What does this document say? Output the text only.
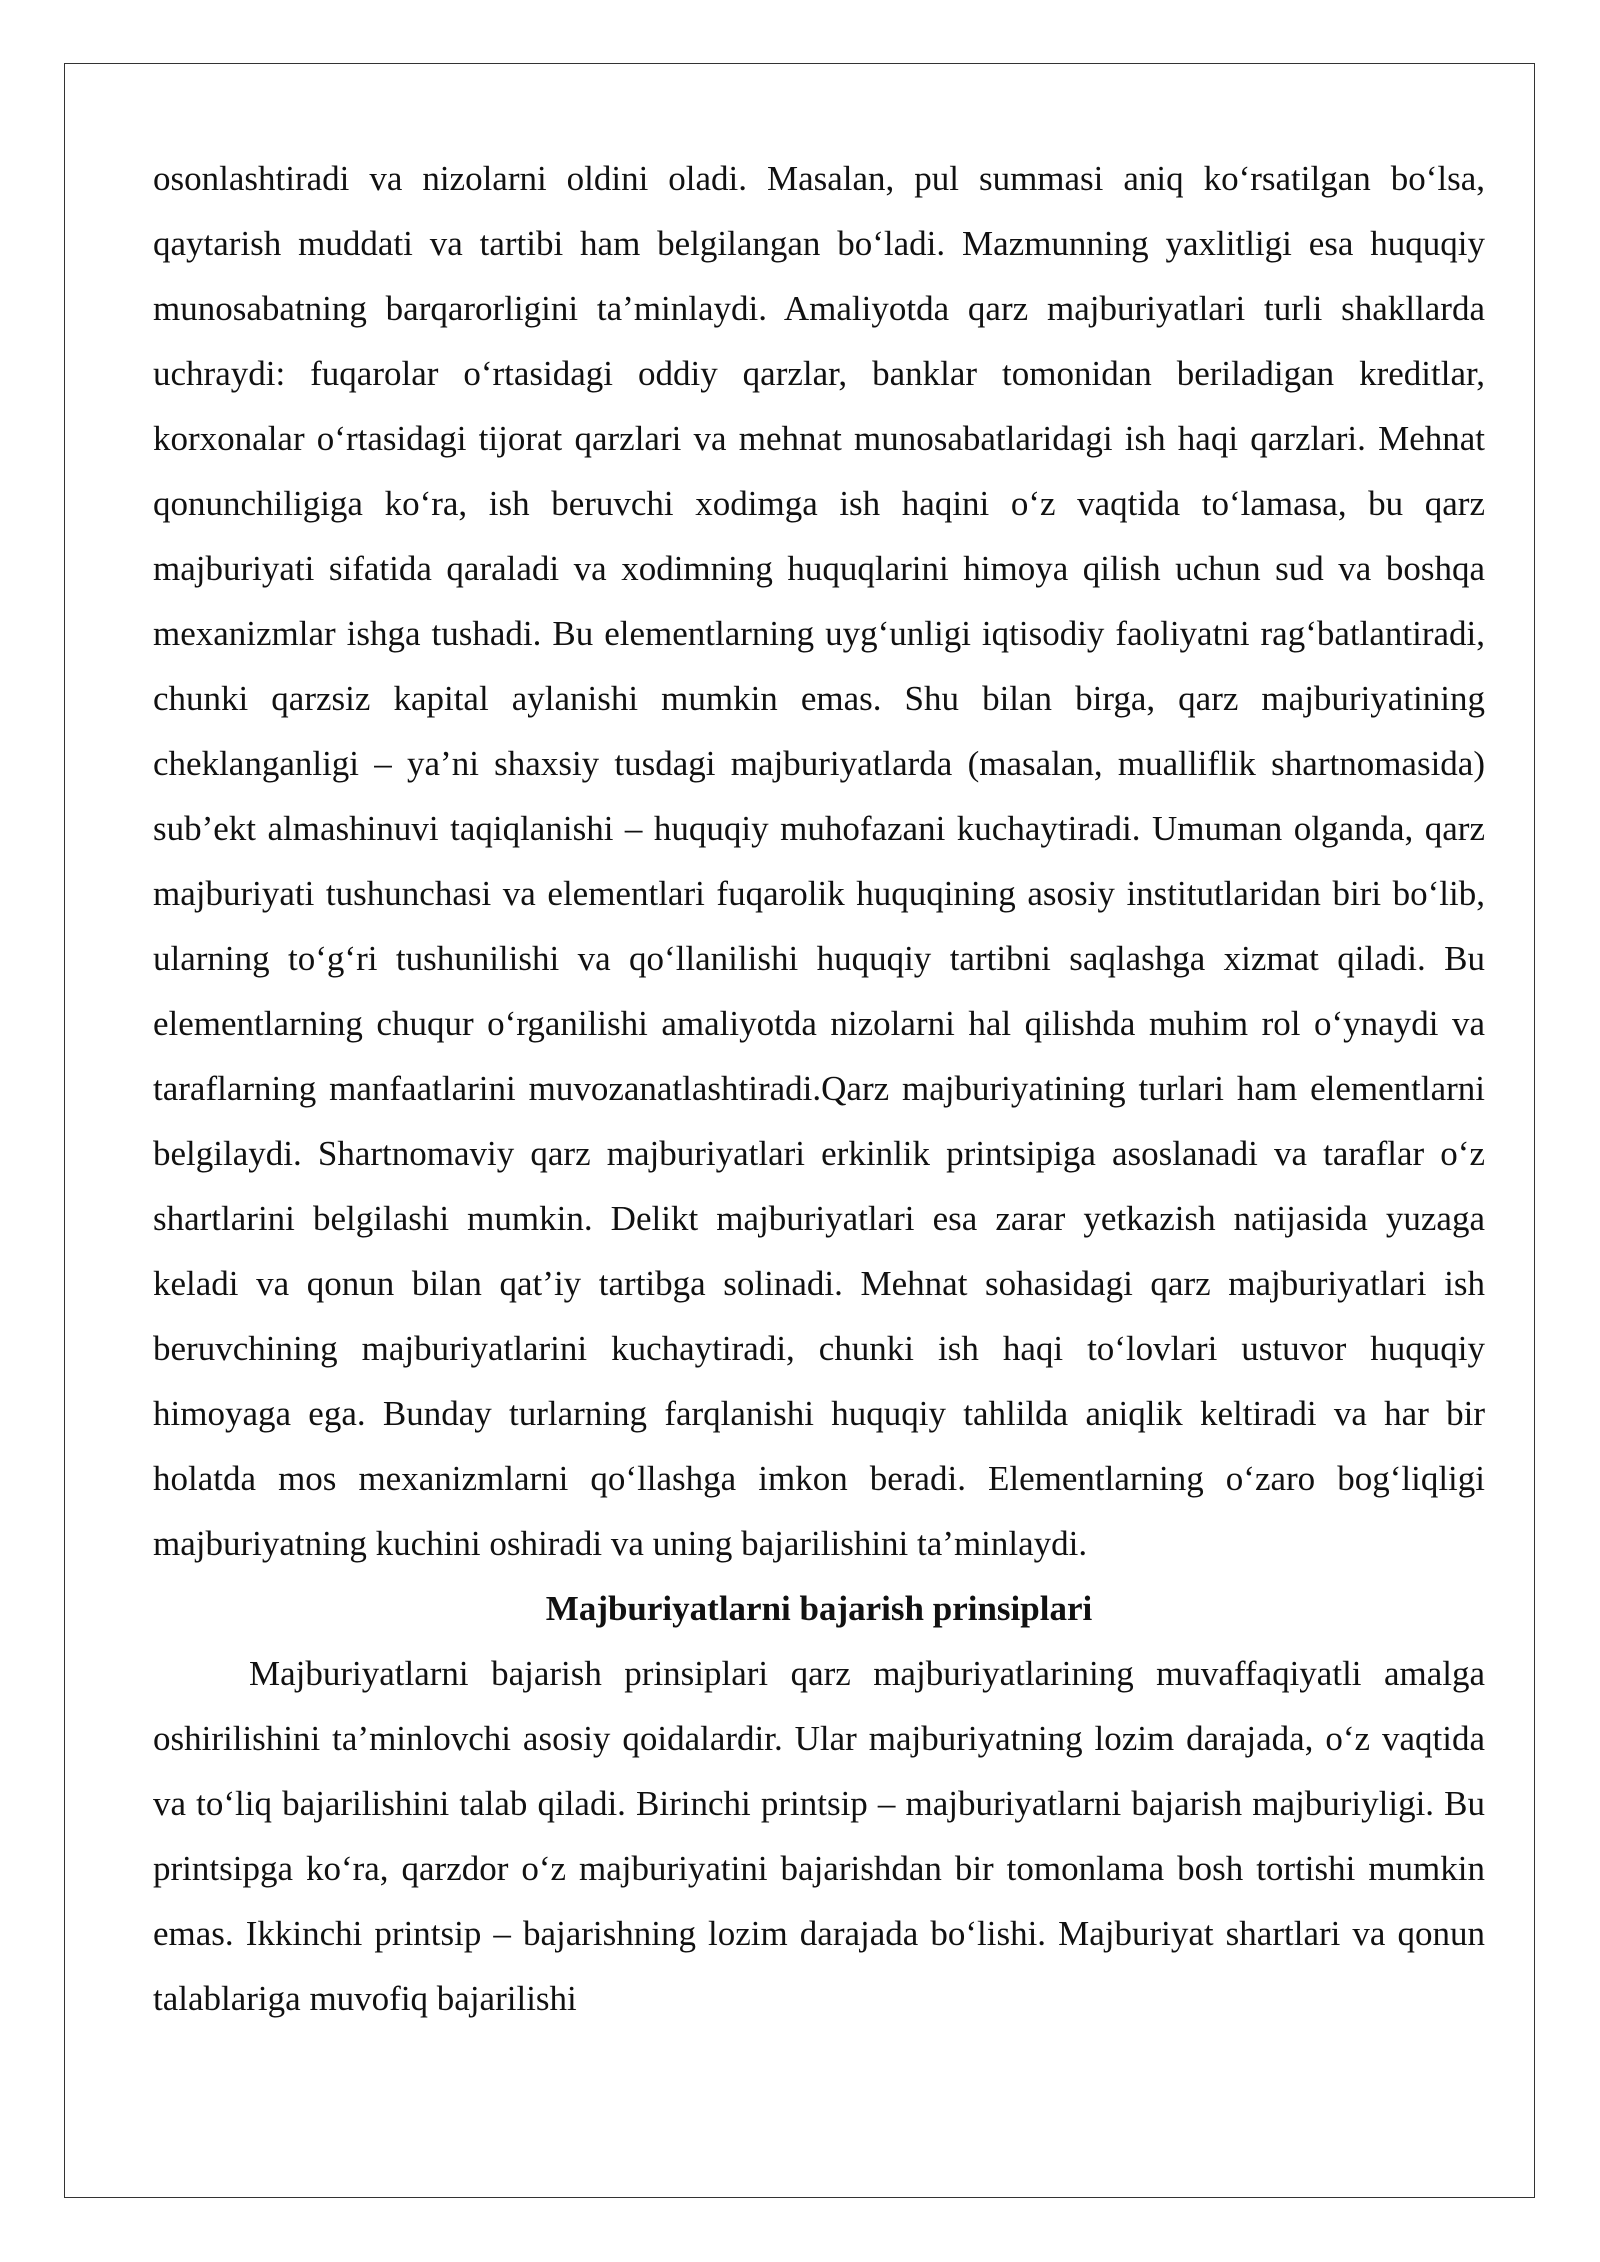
osonlashtiradi va nizolarni oldini oladi. Masalan, pul summasi aniq ko‘rsatilgan bo‘lsa, qaytarish muddati va tartibi ham belgilangan bo‘ladi. Mazmunning yaxlitligi esa huquqiy munosabatning barqarorligini ta’minlaydi. Amaliyotda qarz majburiyatlari turli shakllarda uchraydi: fuqarolar o‘rtasidagi oddiy qarzlar, banklar tomonidan beriladigan kreditlar, korxonalar o‘rtasidagi tijorat qarzlari va mehnat munosabatlaridagi ish haqi qarzlari. Mehnat qonunchiligiga ko‘ra, ish beruvchi xodimga ish haqini o‘z vaqtida to‘lamasa, bu qarz majburiyati sifatida qaraladi va xodimning huquqlarini himoya qilish uchun sud va boshqa mexanizmlar ishga tushadi. Bu elementlarning uyg‘unligi iqtisodiy faoliyatni rag‘batlantiradi, chunki qarzsiz kapital aylanishi mumkin emas. Shu bilan birga, qarz majburiyatining cheklanganligi – ya’ni shaxsiy tusdagi majburiyatlarda (masalan, mualliflik shartnomasida) sub’ekt almashinuvi taqiqlanishi – huquqiy muhofazani kuchaytiradi. Umuman olganda, qarz majburiyati tushunchasi va elementlari fuqarolik huquqining asosiy institutlaridan biri bo‘lib, ularning to‘g‘ri tushunilishi va qo‘llanilishi huquqiy tartibni saqlashga xizmat qiladi. Bu elementlarning chuqur o‘rganilishi amaliyotda nizolarni hal qilishda muhim rol o‘ynaydi va taraflarning manfaatlarini muvozanatlashtiradi.Qarz majburiyatining turlari ham elementlarni belgilaydi. Shartnomaviy qarz majburiyatlari erkinlik printsipiga asoslanadi va taraflar o‘z shartlarini belgilashi mumkin. Delikt majburiyatlari esa zarar yetkazish natijasida yuzaga keladi va qonun bilan qat’iy tartibga solinadi. Mehnat sohasidagi qarz majburiyatlari ish beruvchining majburiyatlarini kuchaytiradi, chunki ish haqi to‘lovlari ustuvor huquqiy himoyaga ega. Bunday turlarning farqlanishi huquqiy tahlilda aniqlik keltiradi va har bir holatda mos mexanizmlarni qo‘llashga imkon beradi. Elementlarning o‘zaro bog‘liqligi majburiyatning kuchini oshiradi va uning bajarilishini ta’minlaydi.

Majburiyatlarni bajarish prinsiplari

Majburiyatlarni bajarish prinsiplari qarz majburiyatlarining muvaffaqiyatli amalga oshirilishini ta’minlovchi asosiy qoidalardir. Ular majburiyatning lozim darajada, o‘z vaqtida va to‘liq bajarilishini talab qiladi. Birinchi printsip – majburiyatlarni bajarish majburiyligi. Bu printsipga ko‘ra, qarzdor o‘z majburiyatini bajarishdan bir tomonlama bosh tortishi mumkin emas. Ikkinchi printsip – bajarishning lozim darajada bo‘lishi. Majburiyat shartlari va qonun talablariga muvofiq bajarilishi
